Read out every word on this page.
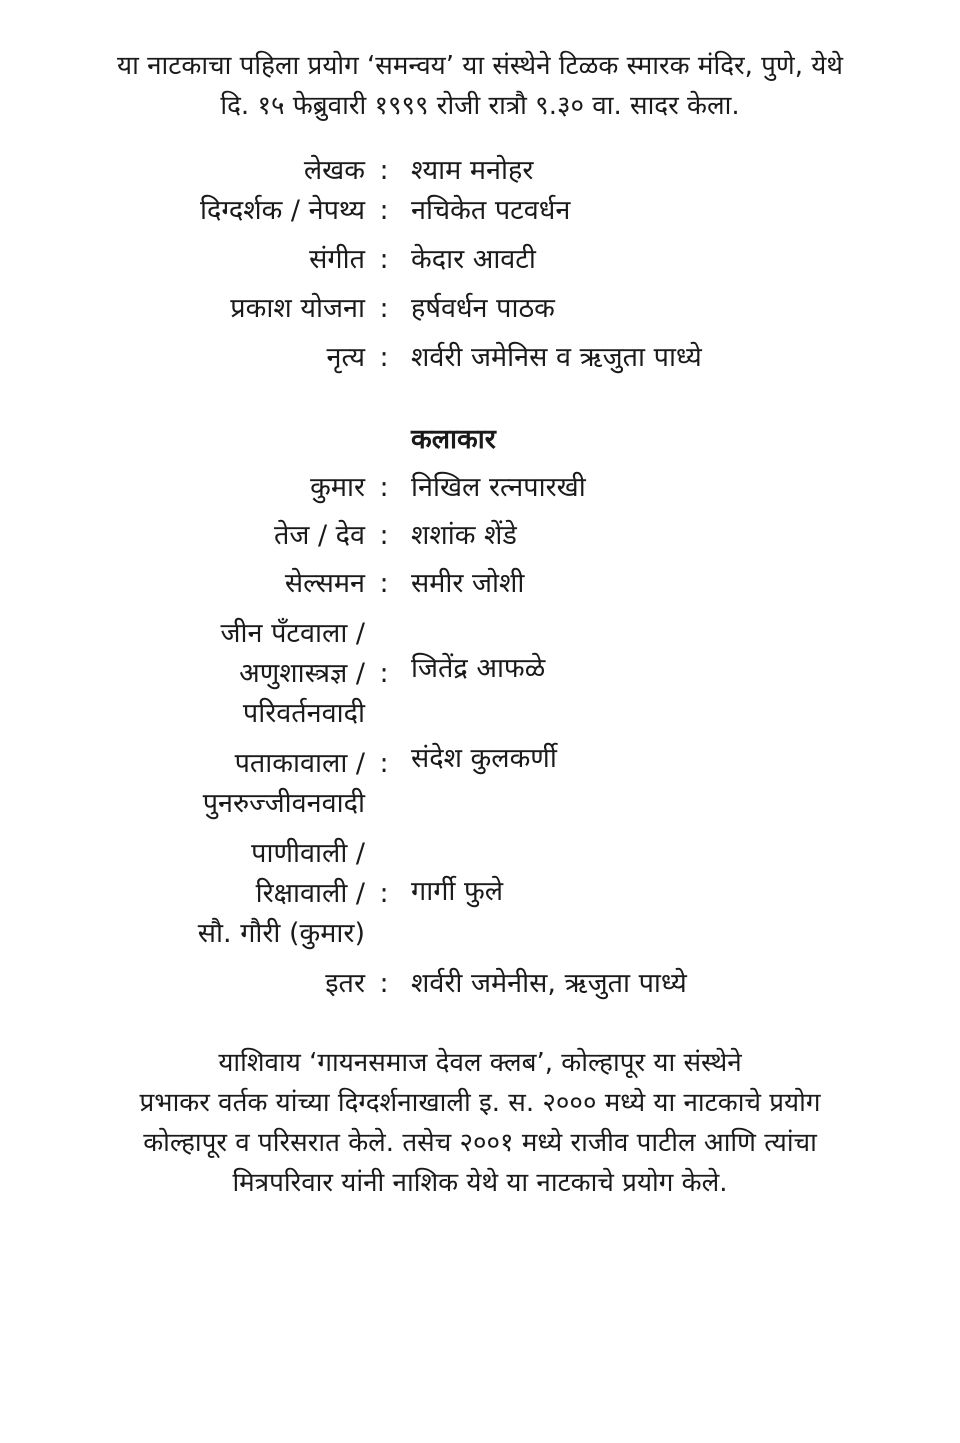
या नाटकाचा पहिला प्रयोग ‘समन्वय’ या संस्थेने टिळक स्मारक मंदिर, पुणे, येथे
दि. १५ फेब्रुवारी १९९९ रोजी रात्रौ ९.३० वा. सादर केला.
लेखक : श्याम मनोहर
दिग्दर्शक / नेपथ्य : नचिकेत पटवर्धन
संगीत : केदार आवटी
प्रकाश योजना : हर्षवर्धन पाठक
नृत्य : शर्वरी जमेनिस व ऋजुता पाध्ये
कलाकार
कुमार : निखिल रत्नपारखी
तेज / देव : शशांक शेंडे
सेल्समन : समीर जोशी
जीन पँटवाला /
अणुशास्त्रज्ञ /
परिवर्तनवादी
: जितेंद्र आफळे
पताकावाला /
पुनरुज्जीवनवादी
: संदेश कुलकर्णी
पाणीवाली /
रिक्षावाली /
सौ. गौरी (कुमार)
: गार्गी फुले
इतर : शर्वरी जमेनीस, ऋजुता पाध्ये
याशिवाय ‘गायनसमाज देवल क्लब’, कोल्हापूर या संस्थेने
प्रभाकर वर्तक यांच्या दिग्दर्शनाखाली इ. स. २००० मध्ये या नाटकाचे प्रयोग
कोल्हापूर व परिसरात केले. तसेच २००१ मध्ये राजीव पाटील आणि त्यांचा
मित्रपरिवार यांनी नाशिक येथे या नाटकाचे प्रयोग केले.
